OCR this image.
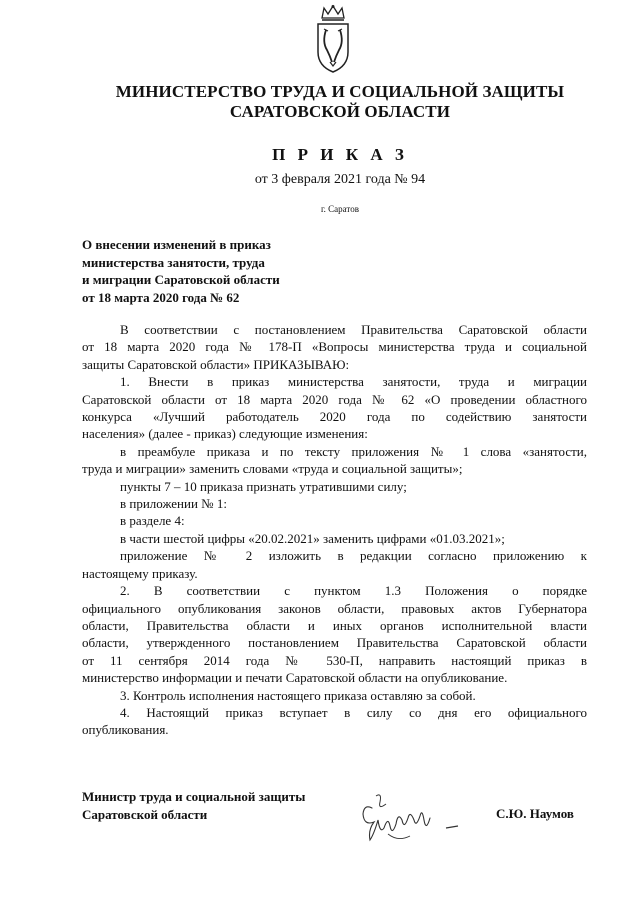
МИНИСТЕРСТВО ТРУДА И СОЦИАЛЬНОЙ ЗАЩИТЫ
САРАТОВСКОЙ ОБЛАСТИ
П Р И К А З
от 3 февраля 2021 года № 94
г. Саратов
О внесении изменений в приказ
министерства занятости, труда
и миграции Саратовской области
от 18 марта 2020 года № 62
В соответствии с постановлением Правительства Саратовской области
от 18 марта 2020 года № 178-П «Вопросы министерства труда и социальной
защиты Саратовской области» ПРИКАЗЫВАЮ:
1. Внести в приказ министерства занятости, труда и миграции
Саратовской области от 18 марта 2020 года № 62 «О проведении областного
конкурса «Лучший работодатель 2020 года по содействию занятости
населения» (далее - приказ) следующие изменения:
в преамбуле приказа и по тексту приложения № 1 слова «занятости,
труда и миграции» заменить словами «труда и социальной защиты»;
пункты 7 – 10 приказа признать утратившими силу;
в приложении № 1:
в разделе 4:
в части шестой цифры «20.02.2021» заменить цифрами «01.03.2021»;
приложение № 2 изложить в редакции согласно приложению к
настоящему приказу.
2. В соответствии с пунктом 1.3 Положения о порядке
официального опубликования законов области, правовых актов Губернатора
области, Правительства области и иных органов исполнительной власти
области, утвержденного постановлением Правительства Саратовской области
от 11 сентября 2014 года № 530-П, направить настоящий приказ в
министерство информации и печати Саратовской области на опубликование.
3. Контроль исполнения настоящего приказа оставляю за собой.
4. Настоящий приказ вступает в силу со дня его официального
опубликования.
Министр труда и социальной защиты
Саратовской области	С.Ю. Наумов
